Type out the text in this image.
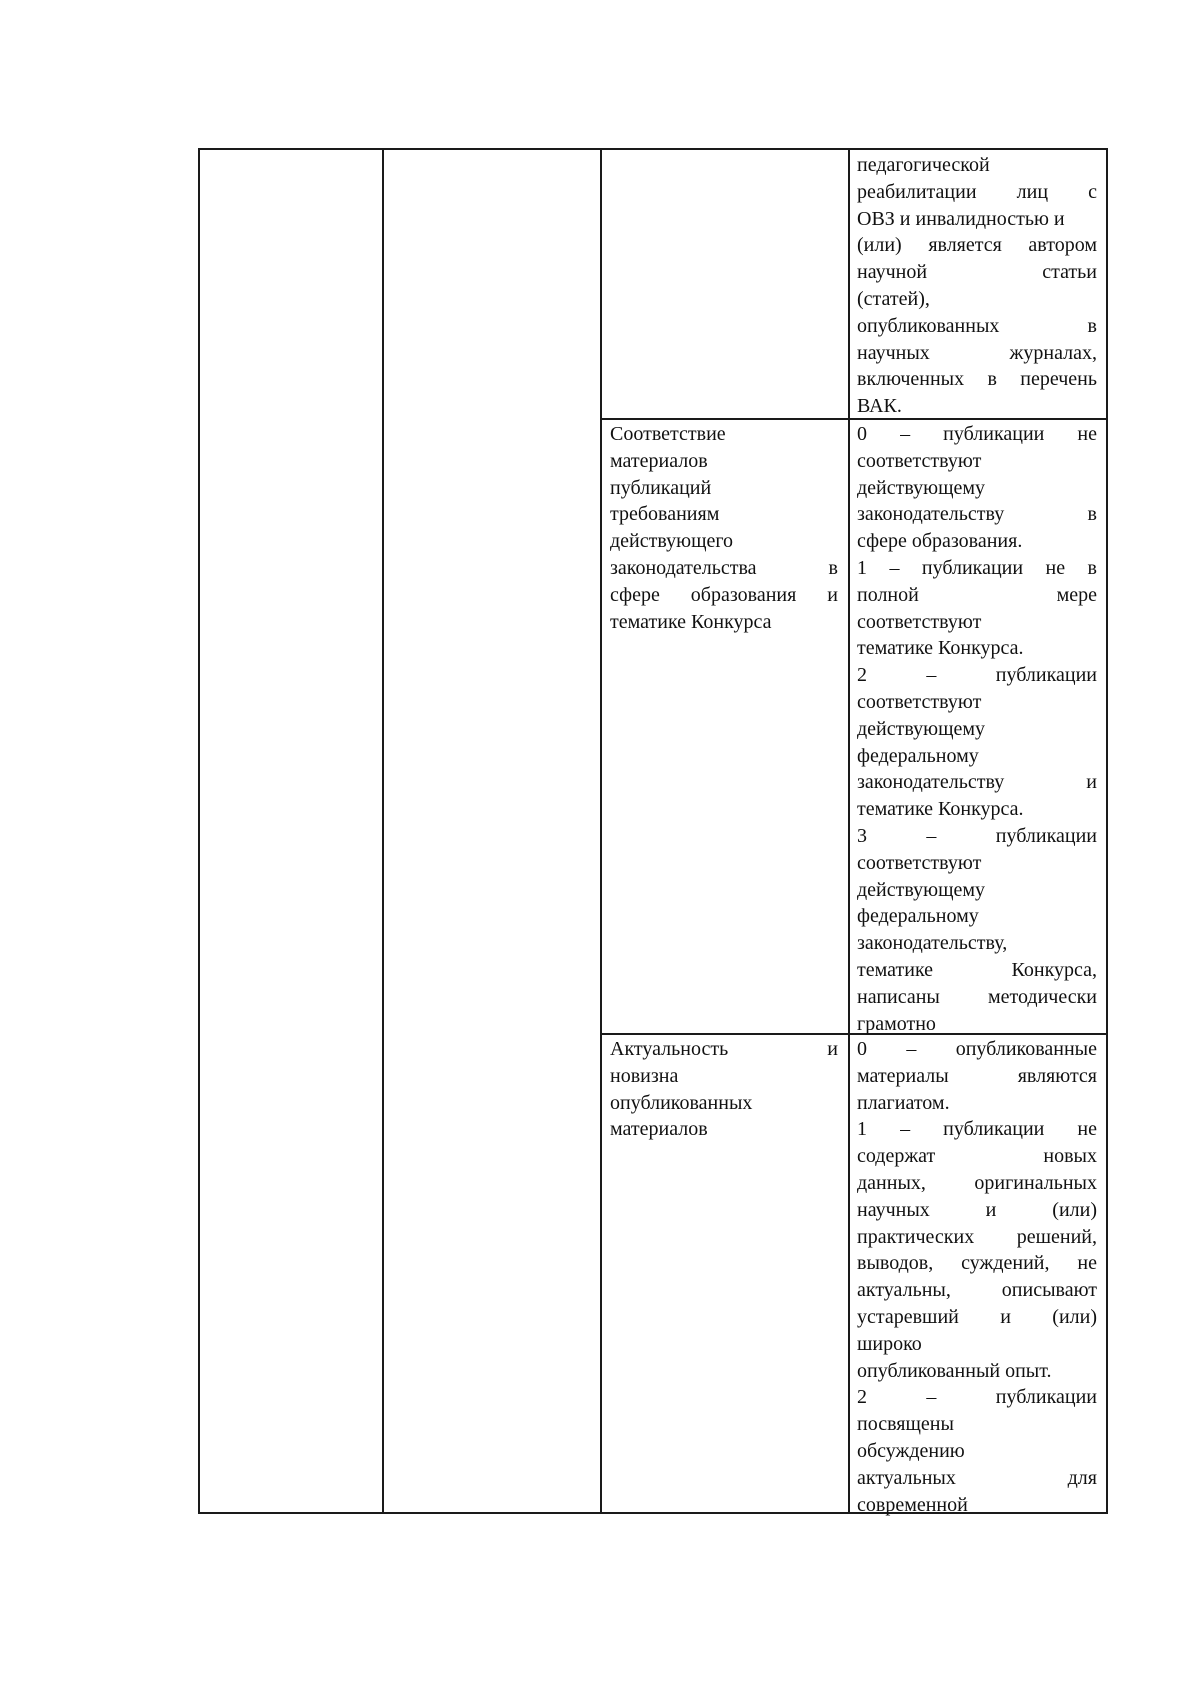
педагогической
реабилитации лиц с
ОВЗ и инвалидностью и
(или) является автором
научной статьи
(статей),
опубликованных в
научных журналах,
включенных в перечень
ВАК.
Соответствие
материалов
публикаций
требованиям
действующего
законодательства в
сфере образования и
тематике Конкурса
0 – публикации не
соответствуют
действующему
законодательству в
сфере образования.
1 – публикации не в
полной мере
соответствуют
тематике Конкурса.
2 – публикации
соответствуют
действующему
федеральному
законодательству и
тематике Конкурса.
3 – публикации
соответствуют
действующему
федеральному
законодательству,
тематике Конкурса,
написаны методически
грамотно
Актуальность и
новизна
опубликованных
материалов
0 – опубликованные
материалы являются
плагиатом.
1 – публикации не
содержат новых
данных, оригинальных
научных и (или)
практических решений,
выводов, суждений, не
актуальны, описывают
устаревший и (или)
широко
опубликованный опыт.
2 – публикации
посвящены
обсуждению
актуальных для
современной
